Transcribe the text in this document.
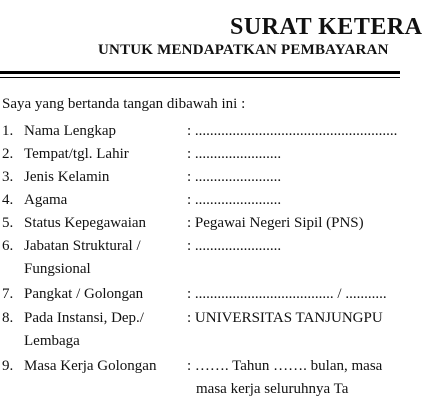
SURAT KETERA
UNTUK MENDAPATKAN PEMBAYARAN
Saya yang bertanda tangan dibawah ini :
1. Nama Lengkap	: ......................................................
2. Tempat/tgl. Lahir	: .......................
3. Jenis Kelamin	: .......................
4. Agama	: .......................
5. Status Kepegawaian	: Pegawai Negeri Sipil (PNS)
6. Jabatan Struktural /	: .......................
Fungsional
7. Pangkat / Golongan	: ..................................... / ...........
8. Pada Instansi, Dep./	: UNIVERSITAS TANJUNGPU
Lembaga
9. Masa Kerja Golongan : ……. Tahun ……. bulan, masa
masa kerja seluruhnya Ta
